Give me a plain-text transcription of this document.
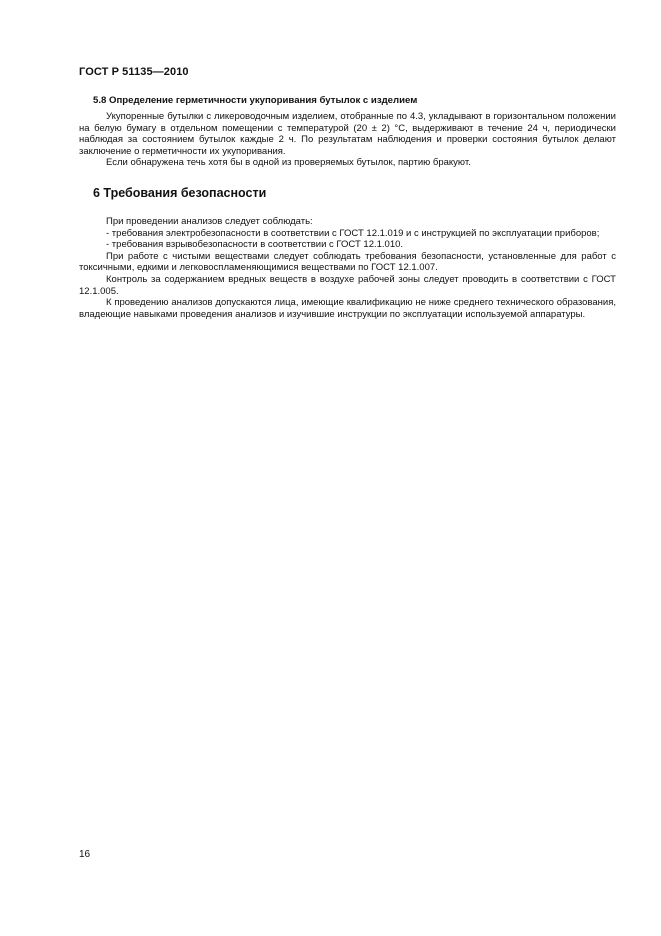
ГОСТ Р 51135—2010
5.8 Определение герметичности укупоривания бутылок с изделием

Укупоренные бутылки с ликероводочным изделием, отобранные по 4.3, укладывают в горизонтальном положении на белую бумагу в отдельном помещении с температурой (20 ± 2) °С, выдерживают в течение 24 ч, периодически наблюдая за состоянием бутылок каждые 2 ч. По результатам наблюдения и проверки состояния бутылок делают заключение о герметичности их укупоривания.

Если обнаружена течь хотя бы в одной из проверяемых бутылок, партию бракуют.

6 Требования безопасности

При проведении анализов следует соблюдать:

- требования электробезопасности в соответствии с ГОСТ 12.1.019 и с инструкцией по эксплуатации приборов;

- требования взрывобезопасности в соответствии с ГОСТ 12.1.010.

При работе с чистыми веществами следует соблюдать требования безопасности, установленные для работ с токсичными, едкими и легковоспламеняющимися веществами по ГОСТ 12.1.007.

Контроль за содержанием вредных веществ в воздухе рабочей зоны следует проводить в соответствии с ГОСТ 12.1.005.

К проведению анализов допускаются лица, имеющие квалификацию не ниже среднего технического образования, владеющие навыками проведения анализов и изучившие инструкции по эксплуатации используемой аппаратуры.

16
